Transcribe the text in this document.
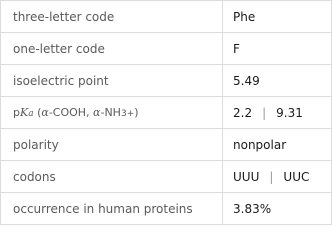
three-letter code	Phe
one-letter code	F
isoelectric point	5.49
p K a ( α -COOH, α -NH 3 + )	2.2 | 9.31
polarity	nonpolar
codons	UUU | UUC
occurrence in human proteins	3.83%
